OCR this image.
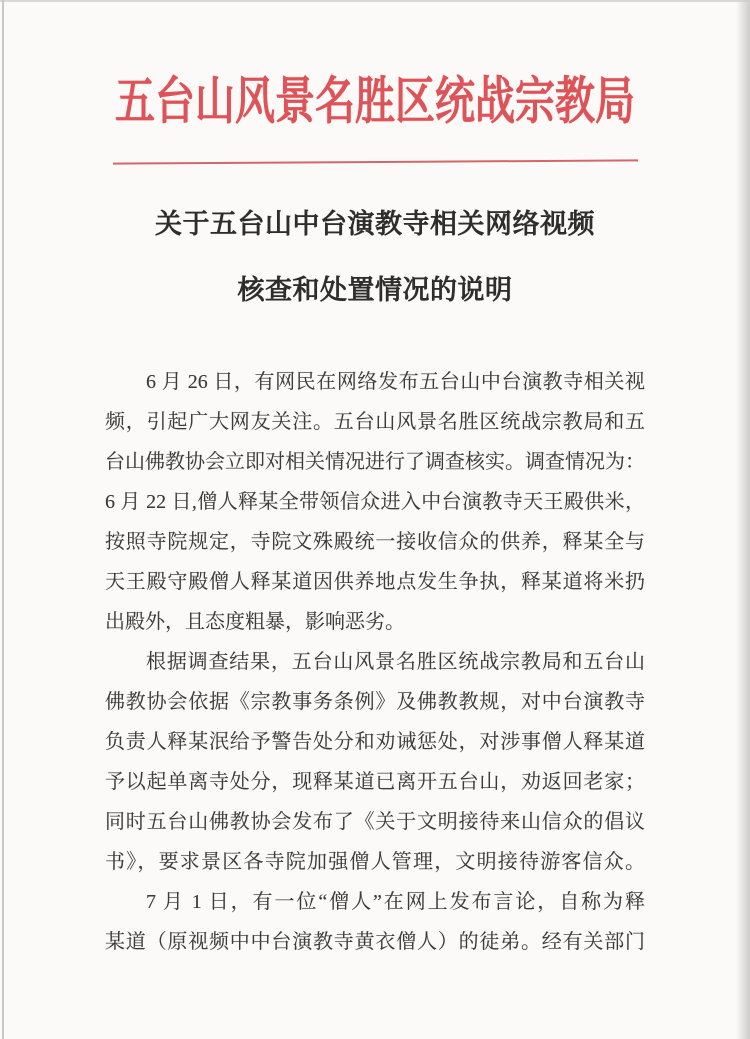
五台山风景名胜区统战宗教局
关于五台山中台演教寺相关网络视频
核查和处置情况的说明
6 月 26 日，有网民在网络发布五台山中台演教寺相关视
频，引起广大网友关注。五台山风景名胜区统战宗教局和五
台山佛教协会立即对相关情况进行了调查核实。调查情况为：
6 月 22 日,僧人释某全带领信众进入中台演教寺天王殿供米，
按照寺院规定，寺院文殊殿统一接收信众的供养，释某全与
天王殿守殿僧人释某道因供养地点发生争执，释某道将米扔
出殿外，且态度粗暴，影响恶劣。
根据调查结果，五台山风景名胜区统战宗教局和五台山
佛教协会依据《宗教事务条例》及佛教教规，对中台演教寺
负责人释某泯给予警告处分和劝诫惩处，对涉事僧人释某道
予以起单离寺处分，现释某道已离开五台山，劝返回老家；
同时五台山佛教协会发布了《关于文明接待来山信众的倡议
书》，要求景区各寺院加强僧人管理，文明接待游客信众。
7 月 1 日，有一位“僧人”在网上发布言论，自称为释
某道（原视频中中台演教寺黄衣僧人）的徒弟。经有关部门
